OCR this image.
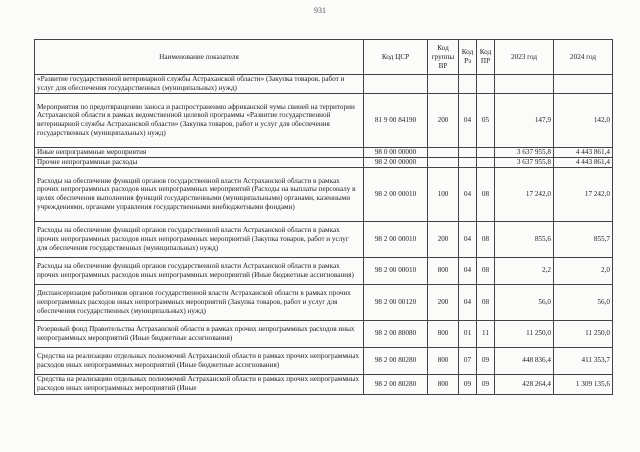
931
Наименование показателя	Код ЦСР	Код группы ВР	Код Рз	Код ПР	2023 год	2024 год
«Развитие государственной ветеринарной службы Астраханской области» (Закупка товаров, работ и услуг для обеспечения государственных (муниципальных) нужд)						
Мероприятия по предотвращению заноса и распространению африканской чумы свиней на территории Астраханской области в рамках ведомственной целевой программы «Развитие государственной ветеринарной службы Астраханской области» (Закупка товаров, работ и услуг для обеспечения государственных (муниципальных) нужд)	81 9 00 84190	200	04	05	147,9	142,0
Иные непрограммные мероприятия	98 0 00 00000				3 637 955,8	4 443 861,4
Прочие непрограммные расходы	98 2 00 00000				3 637 955,8	4 443 861,4
Расходы на обеспечение функций органов государственной власти Астраханской области в рамках прочих непрограммных расходов иных непрограммных мероприятий (Расходы на выплаты персоналу в целях обеспечения выполнения функций государственными (муниципальными) органами, казенными учреждениями, органами управления государственными внебюджетными фондами)	98 2 00 00010	100	04	08	17 242,0	17 242,0
Расходы на обеспечение функций органов государственной власти Астраханской области в рамках прочих непрограммных расходов иных непрограммных мероприятий (Закупка товаров, работ и услуг для обеспечения государственных (муниципальных) нужд)	98 2 00 00010	200	04	08	855,6	855,7
Расходы на обеспечение функций органов государственной власти Астраханской области в рамках прочих непрограммных расходов иных непрограммных мероприятий (Иные бюджетные ассигнования)	98 2 00 00010	800	04	08	2,2	2,0
Диспансеризация работников органов государственной власти Астраханской области в рамках прочих непрограммных расходов иных непрограммных мероприятий (Закупка товаров, работ и услуг для обеспечения государственных (муниципальных) нужд)	98 2 00 00120	200	04	08	56,0	56,0
Резервный фонд Правительства Астраханской области в рамках прочих непрограммных расходов иных непрограммных мероприятий (Иные бюджетные ассигнования)	98 2 00 80080	800	01	11	11 250,0	11 250,0
Средства на реализацию отдельных полномочий Астраханской области в рамках прочих непрограммных расходов иных непрограммных мероприятий (Иные бюджетные ассигнования)	98 2 00 80280	800	07	09	448 836,4	411 353,7
Средства на реализацию отдельных полномочий Астраханской области в рамках прочих непрограммных расходов иных непрограммных мероприятий (Иные	98 2 00 80280	800	09	09	428 264,4	1 309 135,6
